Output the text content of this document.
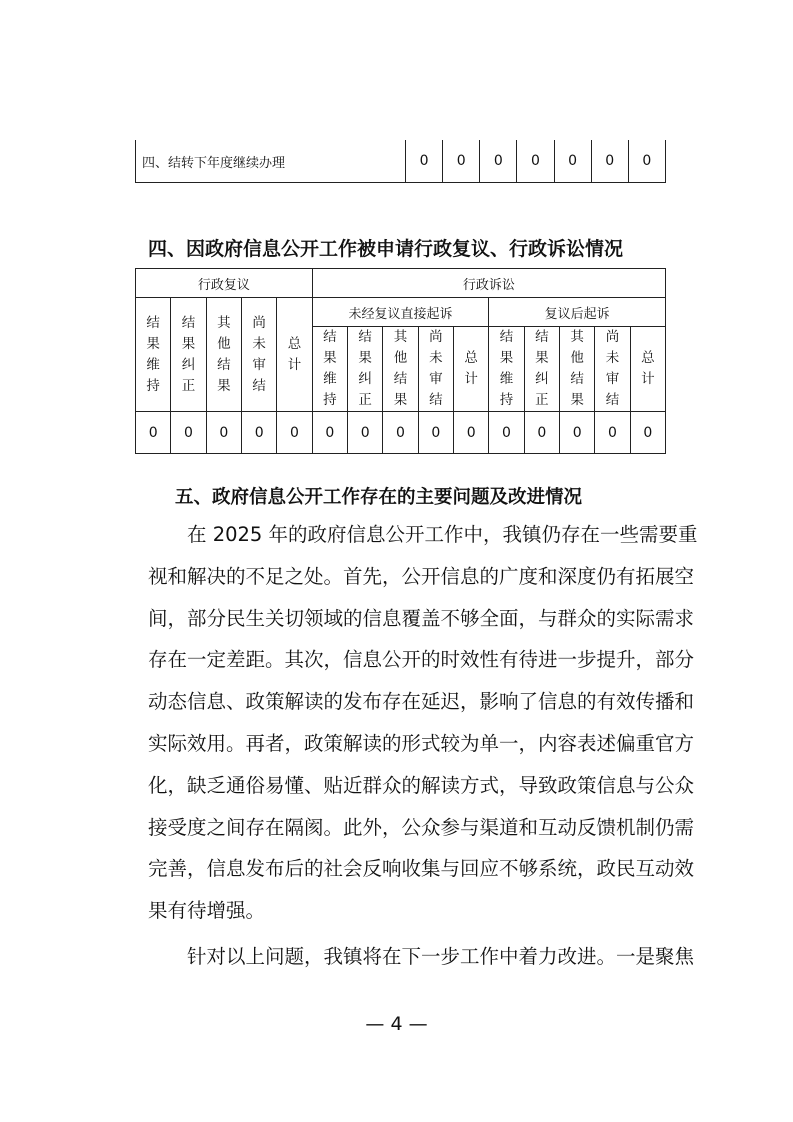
四、结转下年度继续办理	0	0	0	0	0	0	0
四、因政府信息公开工作被申请行政复议、行政诉讼情况
行政复议					行政诉讼									
结果维持	结果纠正	其他结果	尚未审结	总计	未经复议直接起诉					复议后起诉				
					结果维持	结果纠正	其他结果	尚未审结	总计	结果维持	结果纠正	其他结果	尚未审结	总计
0	0	0	0	0	0	0	0	0	0	0	0	0	0	0
五、政府信息公开工作存在的主要问题及改进情况
在 2025 年的政府信息公开工作中，我镇仍存在一些需要重
视和解决的不足之处。首先，公开信息的广度和深度仍有拓展空
间，部分民生关切领域的信息覆盖不够全面，与群众的实际需求
存在一定差距。其次，信息公开的时效性有待进一步提升，部分
动态信息、政策解读的发布存在延迟，影响了信息的有效传播和
实际效用。再者，政策解读的形式较为单一，内容表述偏重官方
化，缺乏通俗易懂、贴近群众的解读方式，导致政策信息与公众
接受度之间存在隔阂。此外，公众参与渠道和互动反馈机制仍需
完善，信息发布后的社会反响收集与回应不够系统，政民互动效
果有待增强。
针对以上问题，我镇将在下一步工作中着力改进。一是聚焦
— 4 —
